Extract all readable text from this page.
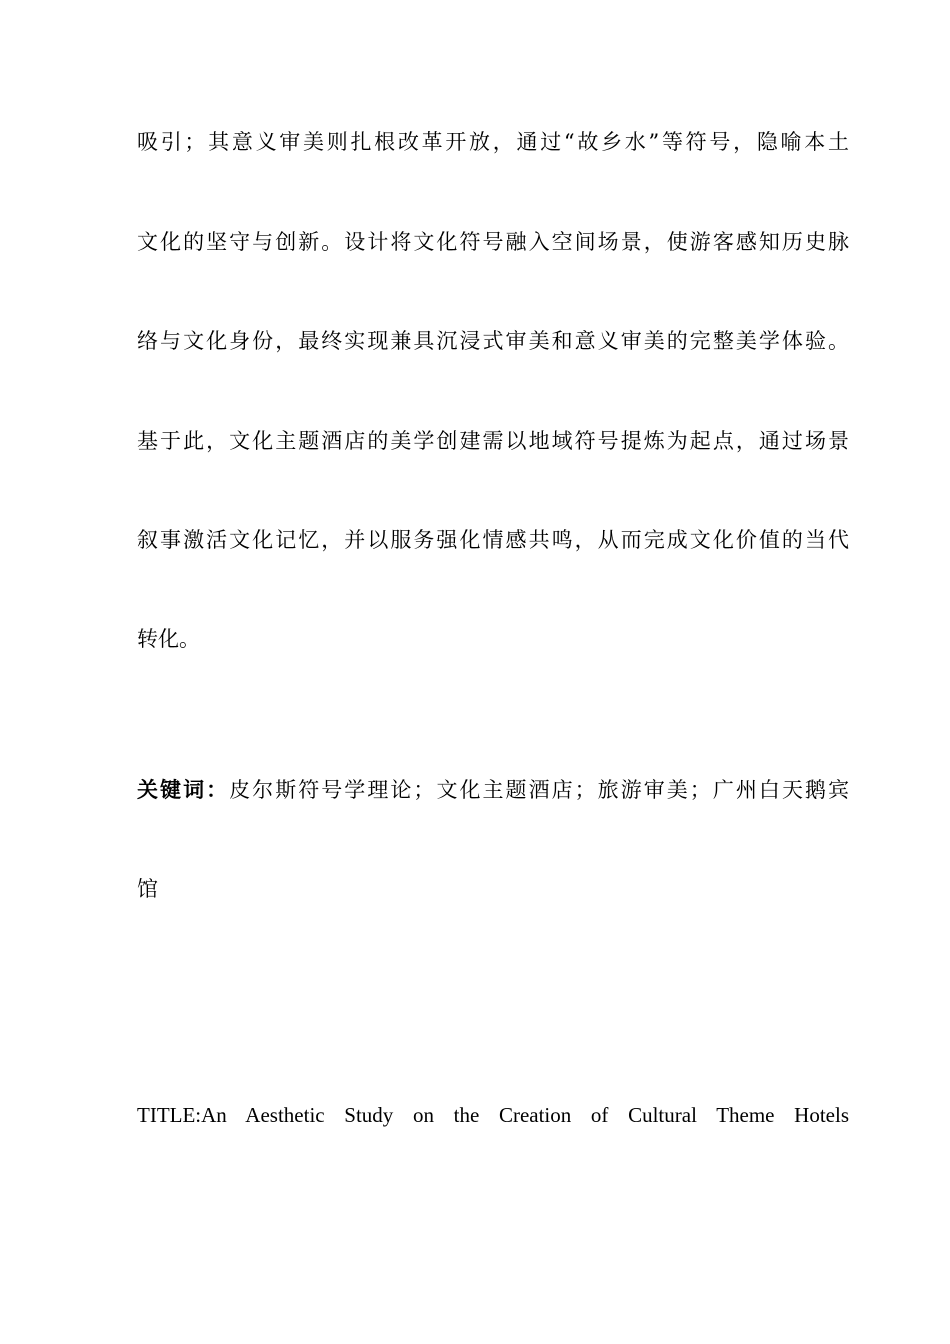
吸引；其意义审美则扎根改革开放，通过“故乡水”等符号，隐喻本土
文化的坚守与创新。设计将文化符号融入空间场景，使游客感知历史脉
络与文化身份，最终实现兼具沉浸式审美和意义审美的完整美学体验。
基于此，文化主题酒店的美学创建需以地域符号提炼为起点，通过场景
叙事激活文化记忆，并以服务强化情感共鸣，从而完成文化价值的当代
转化。
关键词：皮尔斯符号学理论；文化主题酒店；旅游审美；广州白天鹅宾
馆
TITLE:An Aesthetic Study on the Creation of Cultural Theme Hotels
